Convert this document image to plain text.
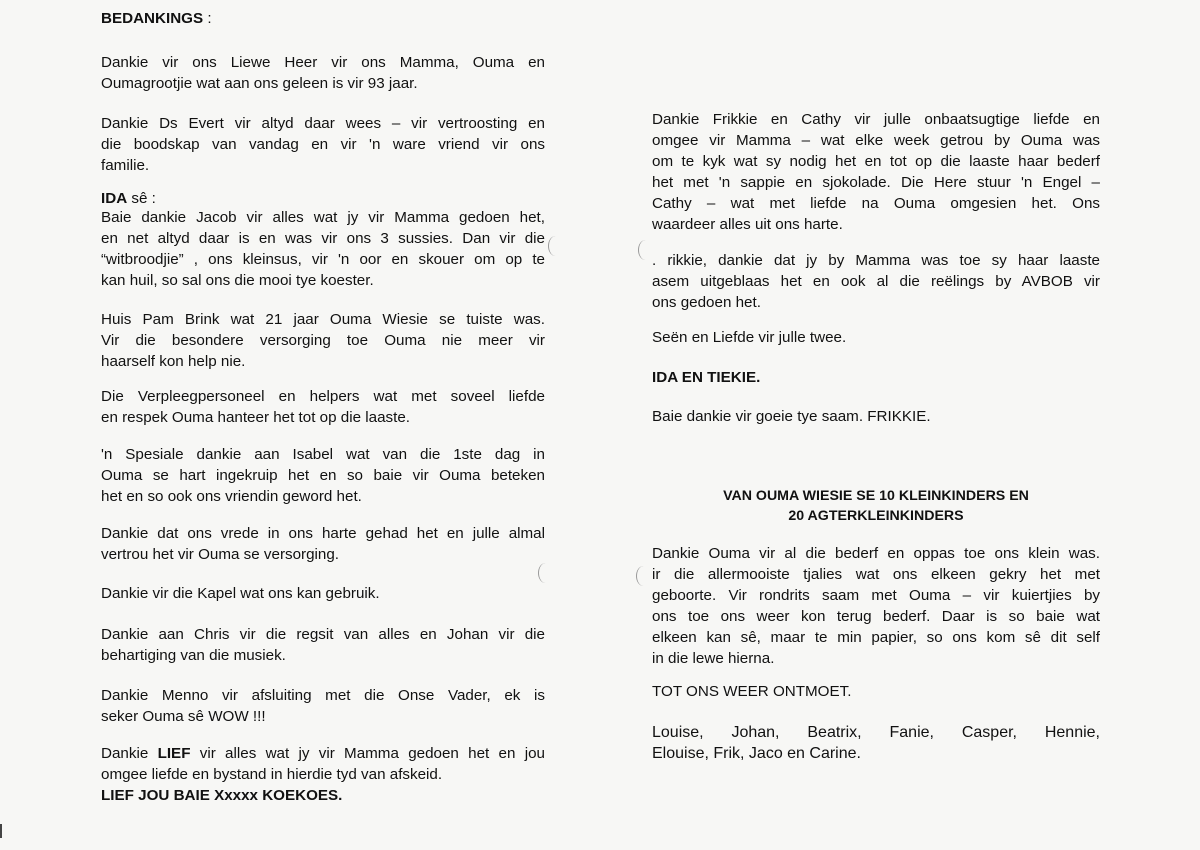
BEDANKINGS :

Dankie vir ons Liewe Heer vir ons Mamma, Ouma en
Oumagrootjie wat aan ons geleen is vir 93 jaar.

Dankie Ds Evert vir altyd daar wees – vir vertroosting en
die boodskap van vandag en vir 'n ware vriend vir ons
familie.

IDA sê :

Baie dankie Jacob vir alles wat jy vir Mamma gedoen het,
en net altyd daar is en was vir ons 3 sussies. Dan vir die
“witbroodjie” , ons kleinsus, vir 'n oor en skouer om op te
kan huil, so sal ons die mooi tye koester.

Huis Pam Brink wat 21 jaar Ouma Wiesie se tuiste was.
Vir die besondere versorging toe Ouma nie meer vir
haarself kon help nie.

Die Verpleegpersoneel en helpers wat met soveel liefde
en respek Ouma hanteer het tot op die laaste.

'n Spesiale dankie aan Isabel wat van die 1ste dag in
Ouma se hart ingekruip het en so baie vir Ouma beteken
het en so ook ons vriendin geword het.

Dankie dat ons vrede in ons harte gehad het en julle almal
vertrou het vir Ouma se versorging.

Dankie vir die Kapel wat ons kan gebruik.

Dankie aan Chris vir die regsit van alles en Johan vir die
behartiging van die musiek.

Dankie Menno vir afsluiting met die Onse Vader, ek is
seker Ouma sê WOW !!!

Dankie LIEF vir alles wat jy vir Mamma gedoen het en jou
omgee liefde en bystand in hierdie tyd van afskeid.
LIEF JOU BAIE Xxxxx KOEKOES.

Dankie Frikkie en Cathy vir julle onbaatsugtige liefde en
omgee vir Mamma – wat elke week getrou by Ouma was
om te kyk wat sy nodig het en tot op die laaste haar bederf
het met 'n sappie en sjokolade. Die Here stuur 'n Engel –
Cathy – wat met liefde na Ouma omgesien het. Ons
waardeer alles uit ons harte.

. rikkie, dankie dat jy by Mamma was toe sy haar laaste
asem uitgeblaas het en ook al die reëlings by AVBOB vir
ons gedoen het.

Seën en Liefde vir julle twee.

IDA EN TIEKIE.

Baie dankie vir goeie tye saam. FRIKKIE.

VAN OUMA WIESIE SE 10 KLEINKINDERS EN
20 AGTERKLEINKINDERS

Dankie Ouma vir al die bederf en oppas toe ons klein was.
ir die allermooiste tjalies wat ons elkeen gekry het met
geboorte. Vir rondrits saam met Ouma – vir kuiertjies by
ons toe ons weer kon terug bederf. Daar is so baie wat
elkeen kan sê, maar te min papier, so ons kom sê dit self
in die lewe hierna.

TOT ONS WEER ONTMOET.

Louise, Johan, Beatrix, Fanie, Casper, Hennie,
Elouise, Frik, Jaco en Carine.
